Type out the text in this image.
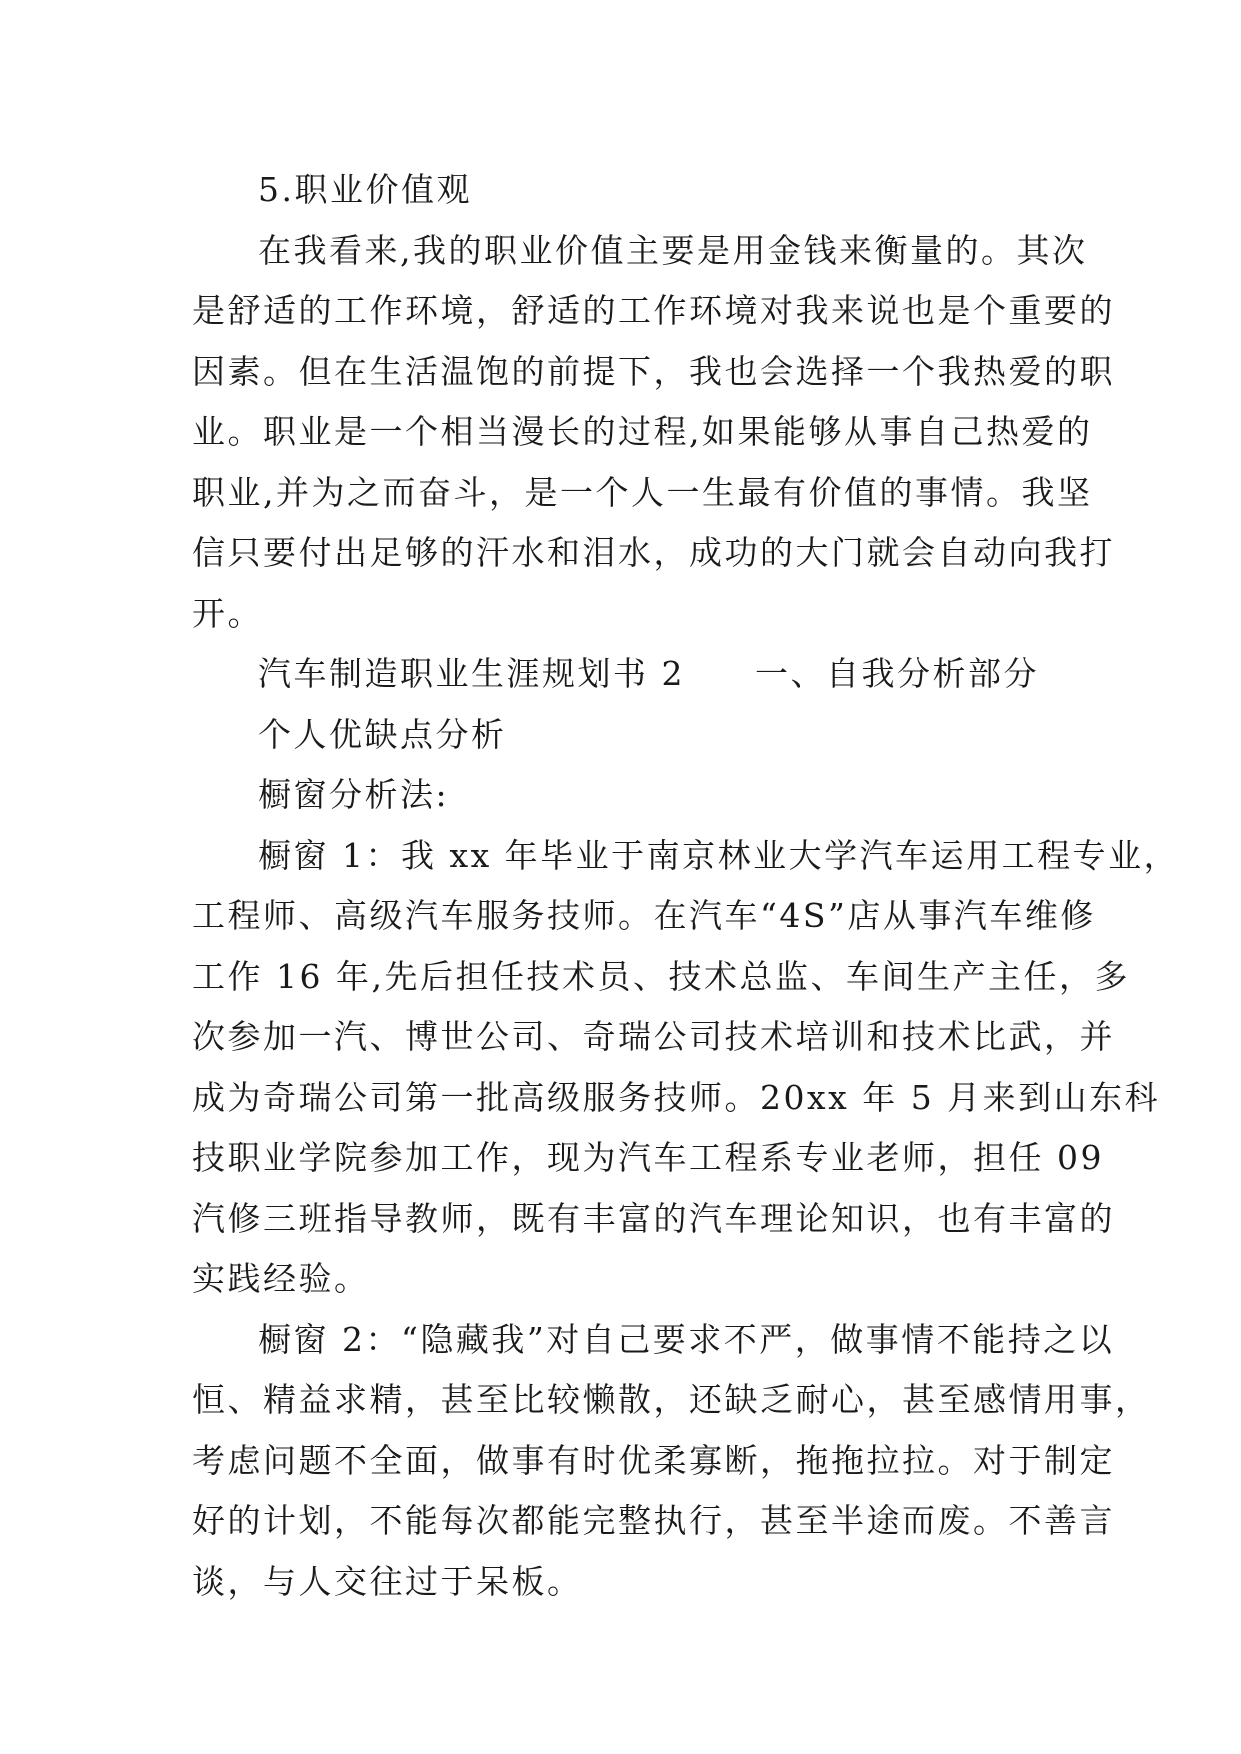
5.职业价值观

在我看来,我的职业价值主要是用金钱来衡量的。其次

是舒适的工作环境，舒适的工作环境对我来说也是个重要的

因素。但在生活温饱的前提下，我也会选择一个我热爱的职

业。职业是一个相当漫长的过程,如果能够从事自己热爱的

职业,并为之而奋斗，是一个人一生最有价值的事情。我坚

信只要付出足够的汗水和泪水，成功的大门就会自动向我打

开。

汽车制造职业生涯规划书 2 一、自我分析部分

个人优缺点分析

橱窗分析法:

橱窗 1：我 xx 年毕业于南京林业大学汽车运用工程专业，

工程师、高级汽车服务技师。在汽车“4S”店从事汽车维修

工作 16 年,先后担任技术员、技术总监、车间生产主任，多

次参加一汽、博世公司、奇瑞公司技术培训和技术比武，并

成为奇瑞公司第一批高级服务技师。20xx 年 5 月来到山东科

技职业学院参加工作，现为汽车工程系专业老师，担任 09

汽修三班指导教师，既有丰富的汽车理论知识，也有丰富的

实践经验。

橱窗 2：“隐藏我”对自己要求不严，做事情不能持之以

恒、精益求精，甚至比较懒散，还缺乏耐心，甚至感情用事，

考虑问题不全面，做事有时优柔寡断，拖拖拉拉。对于制定

好的计划，不能每次都能完整执行，甚至半途而废。不善言

谈，与人交往过于呆板。
